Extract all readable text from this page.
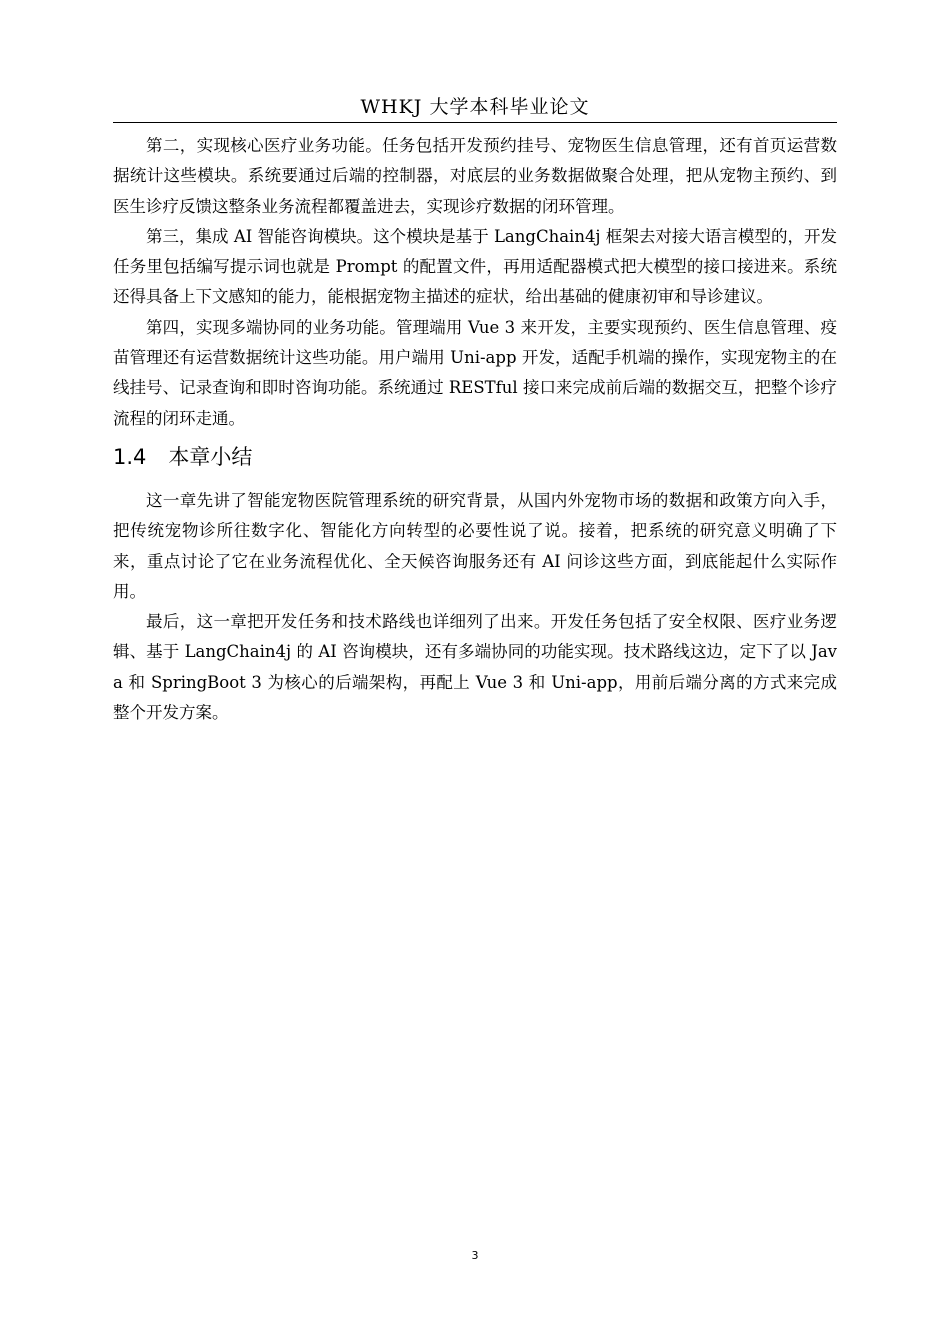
WHKJ 大学本科毕业论文

第二，实现核心医疗业务功能。任务包括开发预约挂号、宠物医生信息管理，还有首页运营数据统计这些模块。系统要通过后端的控制器，对底层的业务数据做聚合处理，把从宠物主预约、到医生诊疗反馈这整条业务流程都覆盖进去，实现诊疗数据的闭环管理。

第三，集成 AI 智能咨询模块。这个模块是基于 LangChain4j 框架去对接大语言模型的，开发任务里包括编写提示词也就是 Prompt 的配置文件，再用适配器模式把大模型的接口接进来。系统还得具备上下文感知的能力，能根据宠物主描述的症状，给出基础的健康初审和导诊建议。

第四，实现多端协同的业务功能。管理端用 Vue 3 来开发，主要实现预约、医生信息管理、疫苗管理还有运营数据统计这些功能。用户端用 Uni-app 开发，适配手机端的操作，实现宠物主的在线挂号、记录查询和即时咨询功能。系统通过 RESTful 接口来完成前后端的数据交互，把整个诊疗流程的闭环走通。

1.4 本章小结

这一章先讲了智能宠物医院管理系统的研究背景，从国内外宠物市场的数据和政策方向入手，把传统宠物诊所往数字化、智能化方向转型的必要性说了说。接着，把系统的研究意义明确了下来，重点讨论了它在业务流程优化、全天候咨询服务还有 AI 问诊这些方面，到底能起什么实际作用。

最后，这一章把开发任务和技术路线也详细列了出来。开发任务包括了安全权限、医疗业务逻辑、基于 LangChain4j 的 AI 咨询模块，还有多端协同的功能实现。技术路线这边，定下了以 Java 和 SpringBoot 3 为核心的后端架构，再配上 Vue 3 和 Uni-app，用前后端分离的方式来完成整个开发方案。

3
